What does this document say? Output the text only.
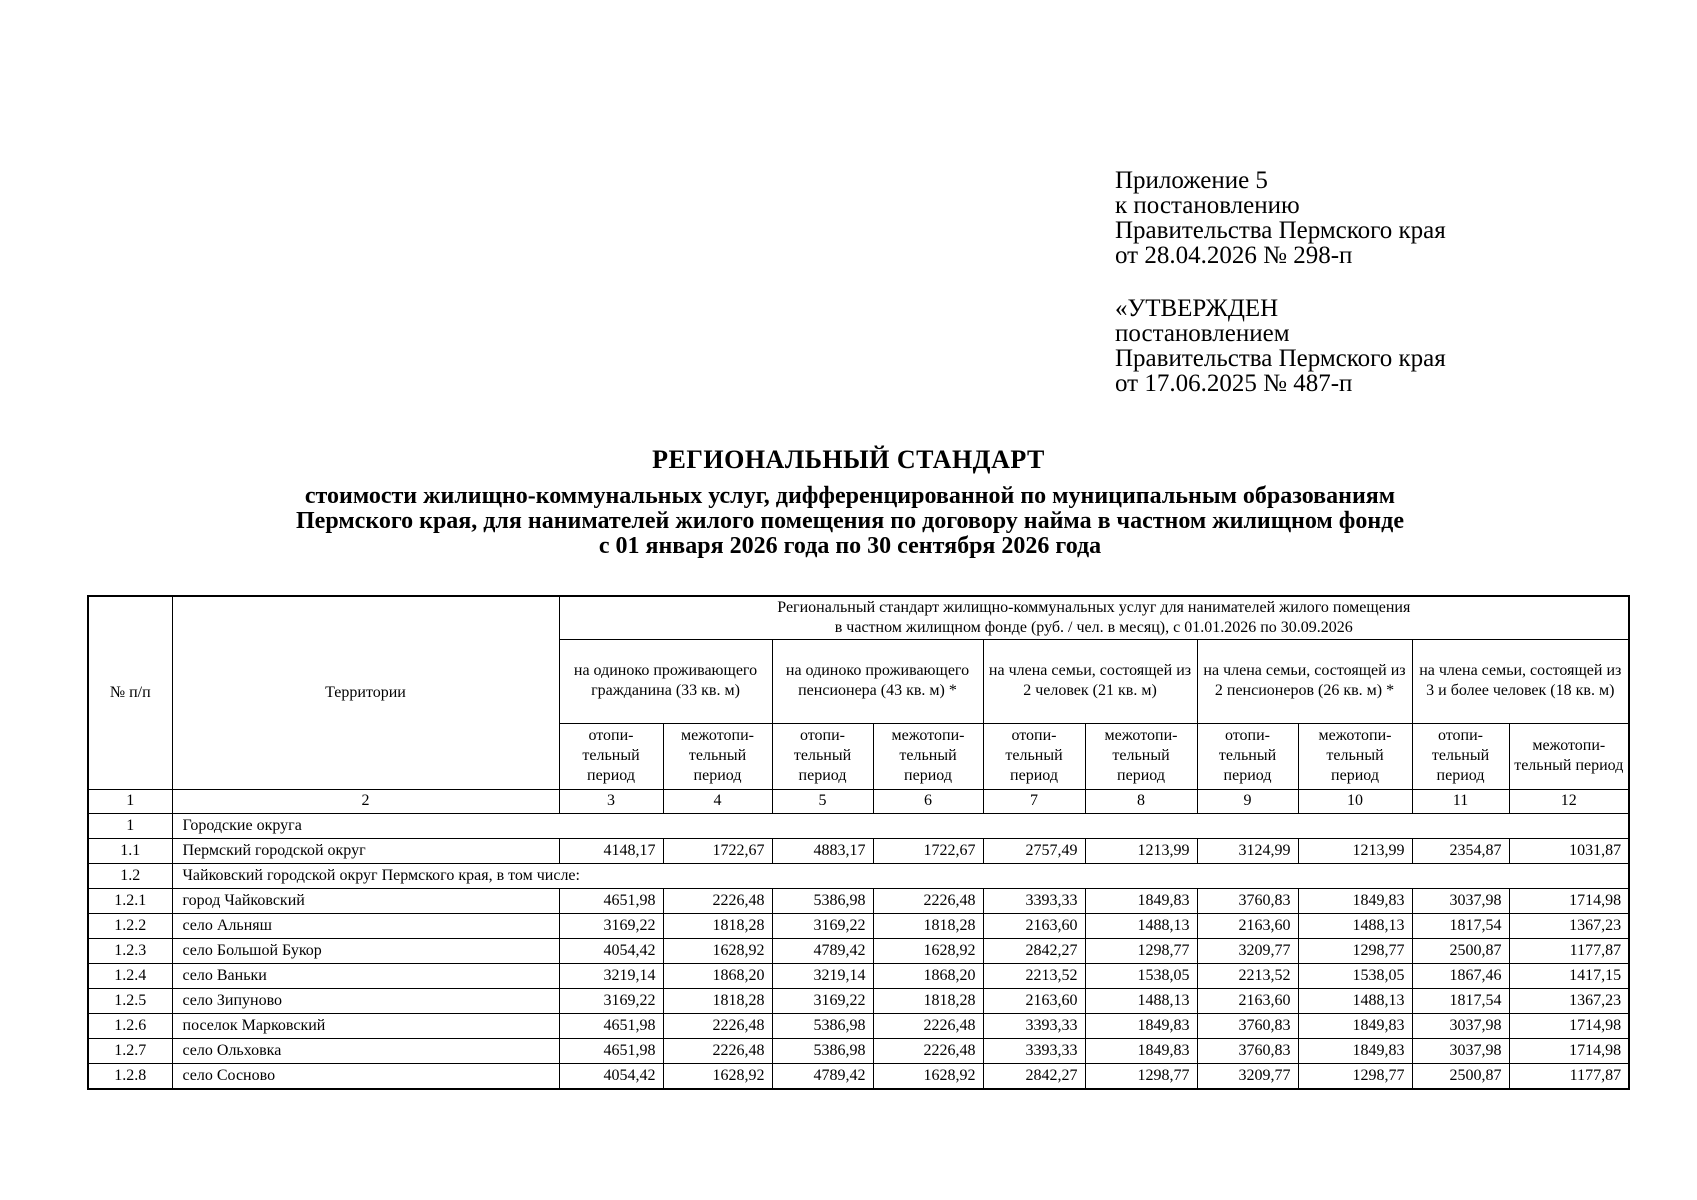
Приложение 5
к постановлению
Правительства Пермского края
от 28.04.2026 № 298-п
«УТВЕРЖДЕН
постановлением
Правительства Пермского края
от 17.06.2025 № 487-п
РЕГИОНАЛЬНЫЙ СТАНДАРТ
стоимости жилищно-коммунальных услуг, дифференцированной по муниципальным образованиям
Пермского края, для нанимателей жилого помещения по договору найма в частном жилищном фонде
с 01 января 2026 года по 30 сентября 2026 года
№ п/п	Территории	Региональный стандарт жилищно-коммунальных услуг для нанимателей жилого помещения
в частном жилищном фонде (руб. / чел. в месяц), с 01.01.2026 по 30.09.2026									

		на одиноко проживающего гражданина (33 кв. м)		на одиноко проживающего пенсионера (43 кв. м) *		на члена семьи, состоящей из 2 человек (21 кв. м)		на члена семьи, состоящей из 2 пенсионеров (26 кв. м) *		на члена семьи, состоящей из 3 и более человек (18 кв. м)	
		отопи-тельный период	межотопи-тельный период	отопи-тельный период	межотопи-тельный период	отопи-тельный период	межотопи-тельный период	отопи-тельный период	межотопи-тельный период	отопи-тельный период	межотопи-тельный период
1	2	3	4	5	6	7	8	9	10	11	12
1	Городские округа										
1.1	Пермский городской округ	4148,17	1722,67	4883,17	1722,67	2757,49	1213,99	3124,99	1213,99	2354,87	1031,87
1.2	Чайковский городской округ Пермского края, в том числе:										
1.2.1	город Чайковский	4651,98	2226,48	5386,98	2226,48	3393,33	1849,83	3760,83	1849,83	3037,98	1714,98
1.2.2	село Альняш	3169,22	1818,28	3169,22	1818,28	2163,60	1488,13	2163,60	1488,13	1817,54	1367,23
1.2.3	село Большой Букор	4054,42	1628,92	4789,42	1628,92	2842,27	1298,77	3209,77	1298,77	2500,87	1177,87
1.2.4	село Ваньки	3219,14	1868,20	3219,14	1868,20	2213,52	1538,05	2213,52	1538,05	1867,46	1417,15
1.2.5	село Зипуново	3169,22	1818,28	3169,22	1818,28	2163,60	1488,13	2163,60	1488,13	1817,54	1367,23
1.2.6	поселок Марковский	4651,98	2226,48	5386,98	2226,48	3393,33	1849,83	3760,83	1849,83	3037,98	1714,98
1.2.7	село Ольховка	4651,98	2226,48	5386,98	2226,48	3393,33	1849,83	3760,83	1849,83	3037,98	1714,98
1.2.8	село Сосново	4054,42	1628,92	4789,42	1628,92	2842,27	1298,77	3209,77	1298,77	2500,87	1177,87
